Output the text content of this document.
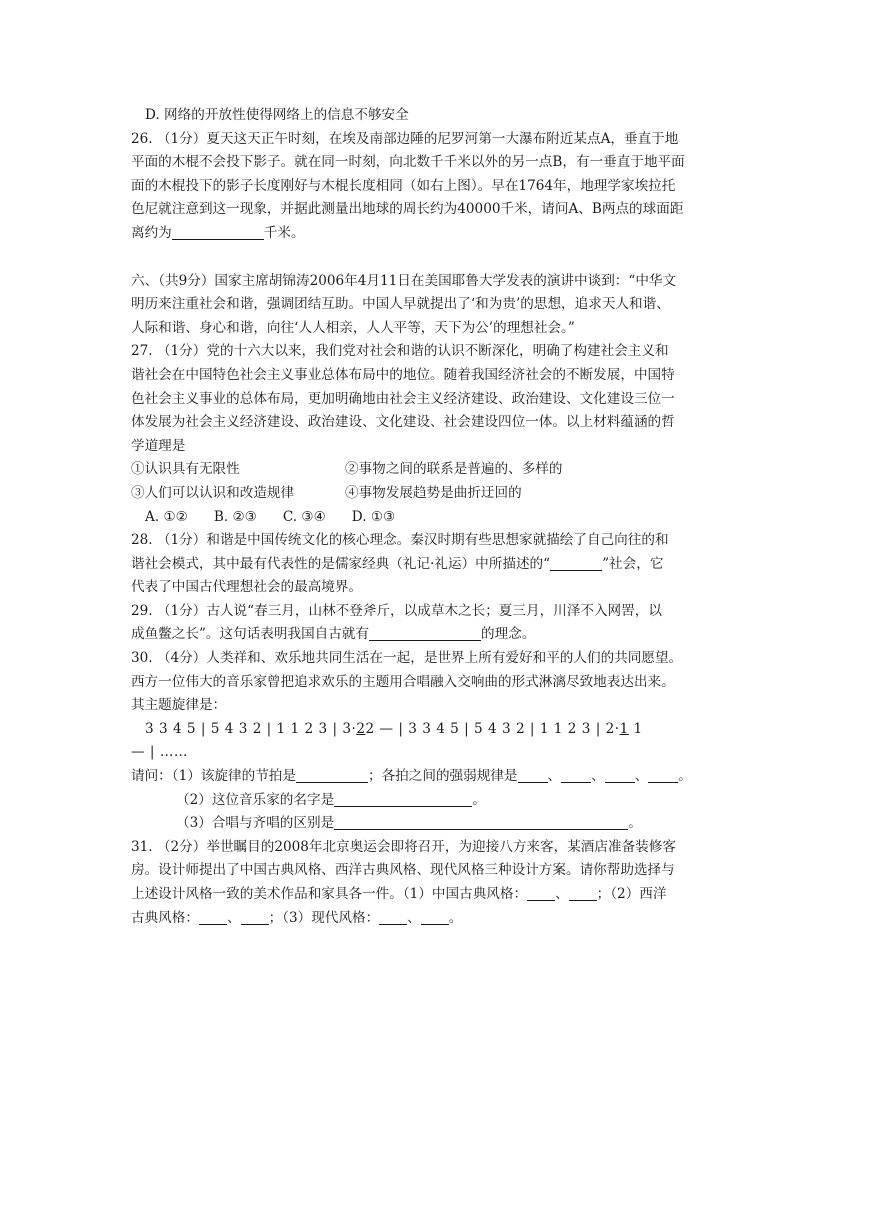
D. 网络的开放性使得网络上的信息不够安全

26. （1分）夏天这天正午时刻，在埃及南部边陲的尼罗河第一大瀑布附近某点A，垂直于地

平面的木棍不会投下影子。就在同一时刻，向北数千千米以外的另一点B，有一垂直于地平面

面的木棍投下的影子长度刚好与木棍长度相同（如右上图）。早在1764年，地理学家埃拉托

色尼就注意到这一现象，并据此测量出地球的周长约为40000千米，请问A、B两点的球面距

离约为	千米。

六、（共9分）国家主席胡锦涛2006年4月11日在美国耶鲁大学发表的演讲中谈到：“中华文

明历来注重社会和谐，强调团结互助。中国人早就提出了‘和为贵’的思想，追求天人和谐、

人际和谐、身心和谐，向往‘人人相亲，人人平等，天下为公’的理想社会。”

27. （1分）党的十六大以来，我们党对社会和谐的认识不断深化，明确了构建社会主义和

谐社会在中国特色社会主义事业总体布局中的地位。随着我国经济社会的不断发展，中国特

色社会主义事业的总体布局，更加明确地由社会主义经济建设、政治建设、文化建设三位一

体发展为社会主义经济建设、政治建设、文化建设、社会建设四位一体。以上材料蕴涵的哲

学道理是

①认识具有无限性	②事物之间的联系是普遍的、多样的

③人们可以认识和改造规律	④事物发展趋势是曲折迂回的

A. ①② B. ②③ C. ③④ D. ①③

28. （1分）和谐是中国传统文化的核心理念。秦汉时期有些思想家就描绘了自己向往的和

谐社会模式，其中最有代表性的是儒家经典（礼记·礼运）中所描述的“	”社会，它

代表了中国古代理想社会的最高境界。

29. （1分）古人说“春三月，山林不登斧斤，以成草木之长；夏三月，川泽不入网罟，以

成鱼鳖之长”。这句话表明我国自古就有	的理念。

30. （4分）人类祥和、欢乐地共同生活在一起，是世界上所有爱好和平的人们的共同愿望。

西方一位伟大的音乐家曾把追求欢乐的主题用合唱融入交响曲的形式淋漓尽致地表达出来。

其主题旋律是：

3 3 4 5 | 5 4 3 2 | 1 1 2 3 | 3·22 — | 3 3 4 5 | 5 4 3 2 | 1 1 2 3 | 2·1 1

— | ……

请问：（1）该旋律的节拍是	；各拍之间的强弱规律是 、 、 、 。

（2）这位音乐家的名字是	。

（3）合唱与齐唱的区别是	。

31. （2分）举世瞩目的2008年北京奥运会即将召开，为迎接八方来客，某酒店准备装修客

房。设计师提出了中国古典风格、西洋古典风格、现代风格三种设计方案。请你帮助选择与

上述设计风格一致的美术作品和家具各一件。（1）中国古典风格： 、 ；（2）西洋

古典风格： 、 ；（3）现代风格： 、 。
